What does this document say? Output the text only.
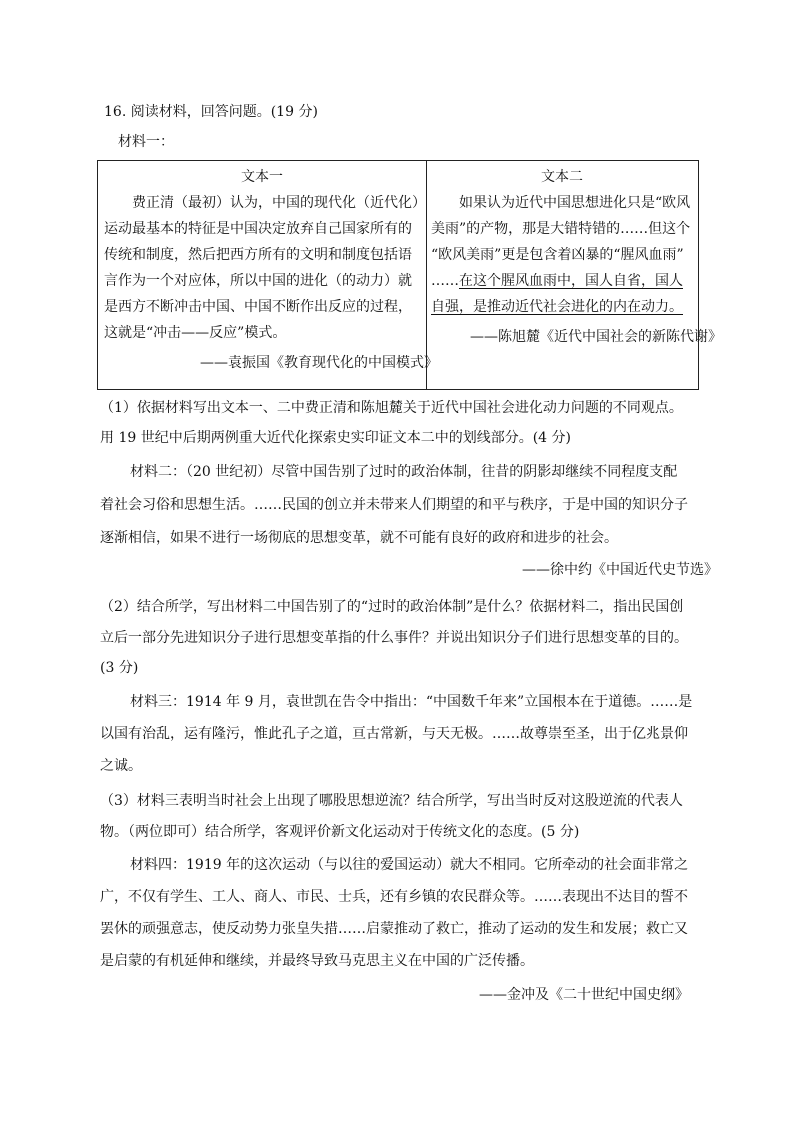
16. 阅读材料，回答问题。(19 分)
材料一：
文本一
费正清（最初）认为，中国的现代化（近代化）
运动最基本的特征是中国决定放弃自己国家所有的
传统和制度，然后把西方所有的文明和制度包括语
言作为一个对应体，所以中国的进化（的动力）就
是西方不断冲击中国、中国不断作出反应的过程，
这就是“冲击——反应”模式。
——袁振国《教育现代化的中国模式》
文本二
如果认为近代中国思想进化只是“欧风
美雨”的产物，那是大错特错的……但这个
“欧风美雨”更是包含着凶暴的“腥风血雨”
……在这个腥风血雨中，国人自省，国人
自强，是推动近代社会进化的内在动力。
——陈旭麓《近代中国社会的新陈代谢》
（1）依据材料写出文本一、二中费正清和陈旭麓关于近代中国社会进化动力问题的不同观点。
用 19 世纪中后期两例重大近代化探索史实印证文本二中的划线部分。(4 分)
材料二：（20 世纪初）尽管中国告别了过时的政治体制，往昔的阴影却继续不同程度支配
着社会习俗和思想生活。……民国的创立并未带来人们期望的和平与秩序，于是中国的知识分子
逐渐相信，如果不进行一场彻底的思想变革，就不可能有良好的政府和进步的社会。
——徐中约《中国近代史节选》
（2）结合所学，写出材料二中国告别了的“过时的政治体制”是什么？依据材料二，指出民国创
立后一部分先进知识分子进行思想变革指的什么事件？并说出知识分子们进行思想变革的目的。
(3 分)
材料三：1914 年 9 月，袁世凯在告令中指出：“中国数千年来”立国根本在于道德。……是
以国有治乱，运有隆污，惟此孔子之道，亘古常新，与天无极。……故尊崇至圣，出于亿兆景仰
之诚。
（3）材料三表明当时社会上出现了哪股思想逆流？结合所学，写出当时反对这股逆流的代表人
物。（两位即可）结合所学，客观评价新文化运动对于传统文化的态度。(5 分)
材料四：1919 年的这次运动（与以往的爱国运动）就大不相同。它所牵动的社会面非常之
广，不仅有学生、工人、商人、市民、士兵，还有乡镇的农民群众等。……表现出不达目的誓不
罢休的顽强意志，使反动势力张皇失措……启蒙推动了救亡，推动了运动的发生和发展；救亡又
是启蒙的有机延伸和继续，并最终导致马克思主义在中国的广泛传播。
——金冲及《二十世纪中国史纲》
